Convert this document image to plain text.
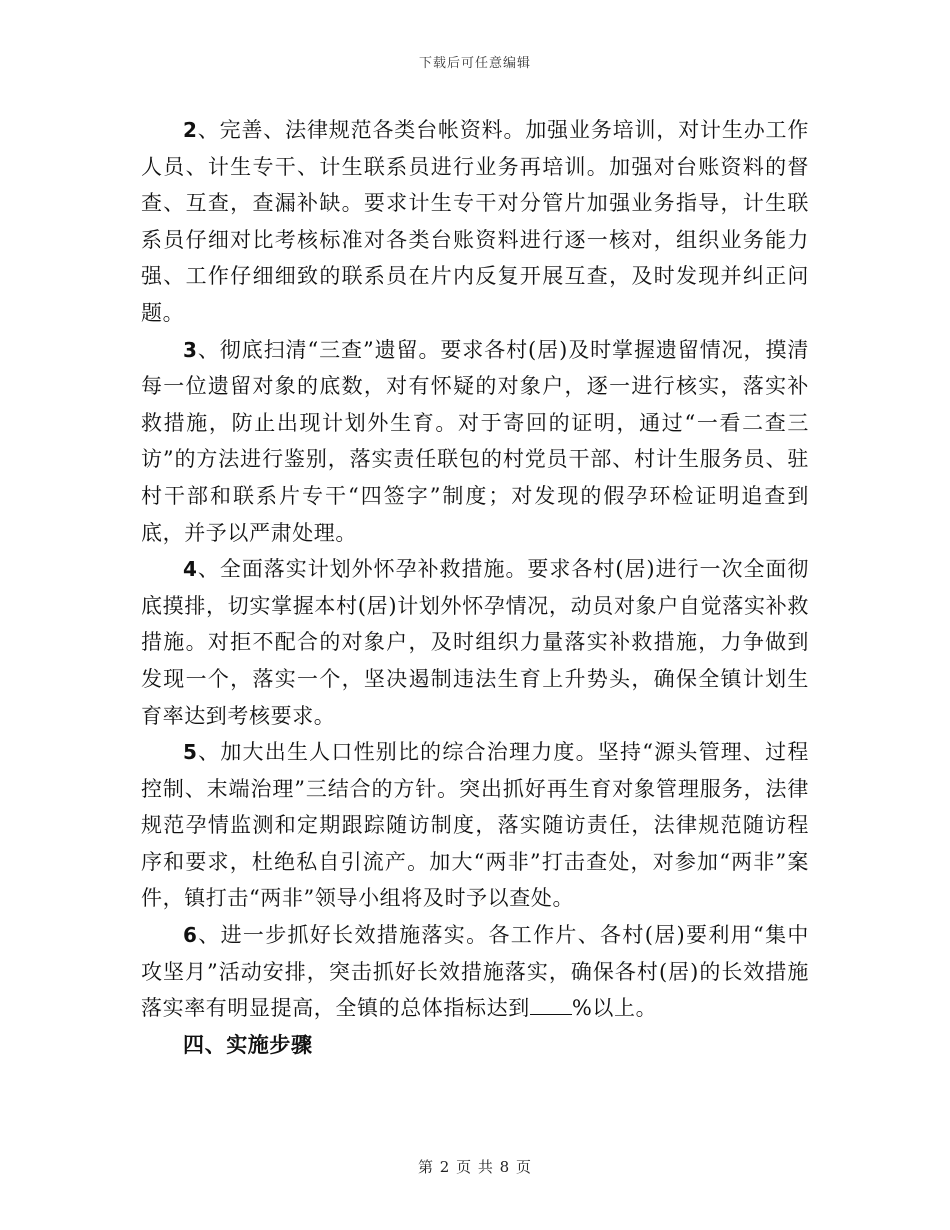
下载后可任意编辑

2、完善、法律规范各类台帐资料。加强业务培训，对计生办工作人员、计生专干、计生联系员进行业务再培训。加强对台账资料的督查、互查，查漏补缺。要求计生专干对分管片加强业务指导，计生联系员仔细对比考核标准对各类台账资料进行逐一核对，组织业务能力强、工作仔细细致的联系员在片内反复开展互查，及时发现并纠正问题。

3、彻底扫清“三查”遗留。要求各村(居)及时掌握遗留情况，摸清每一位遗留对象的底数，对有怀疑的对象户，逐一进行核实，落实补救措施，防止出现计划外生育。对于寄回的证明，通过“一看二查三访”的方法进行鉴别，落实责任联包的村党员干部、村计生服务员、驻村干部和联系片专干“四签字”制度；对发现的假孕环检证明追查到底，并予以严肃处理。

4、全面落实计划外怀孕补救措施。要求各村(居)进行一次全面彻底摸排，切实掌握本村(居)计划外怀孕情况，动员对象户自觉落实补救措施。对拒不配合的对象户，及时组织力量落实补救措施，力争做到发现一个，落实一个，坚决遏制违法生育上升势头，确保全镇计划生育率达到考核要求。

5、加大出生人口性别比的综合治理力度。坚持“源头管理、过程控制、末端治理”三结合的方针。突出抓好再生育对象管理服务，法律规范孕情监测和定期跟踪随访制度，落实随访责任，法律规范随访程序和要求，杜绝私自引流产。加大“两非”打击查处，对参加“两非”案件，镇打击“两非”领导小组将及时予以查处。

6、进一步抓好长效措施落实。各工作片、各村(居)要利用“集中攻坚月”活动安排，突击抓好长效措施落实，确保各村(居)的长效措施落实率有明显提高，全镇的总体指标达到 %以上。

四、实施步骤

第 2 页 共 8 页
